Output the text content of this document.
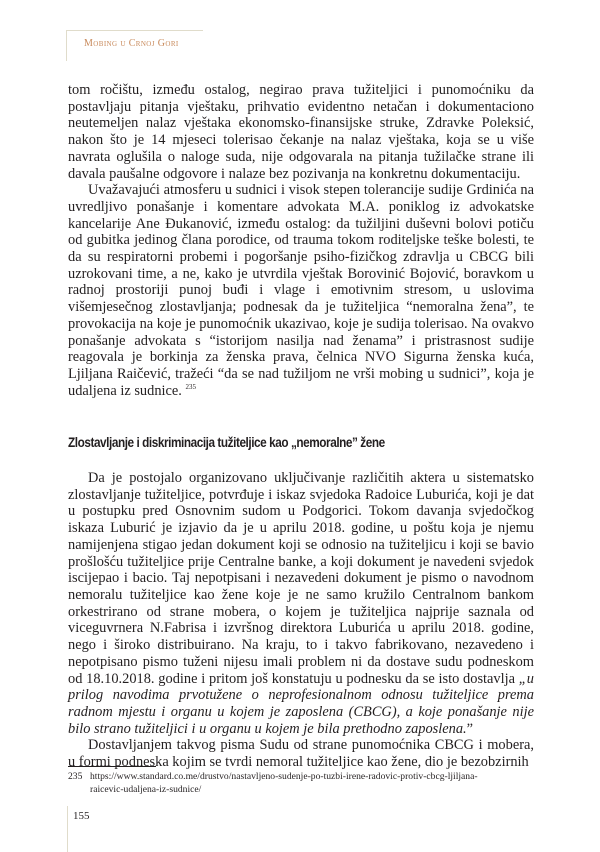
Mobing u Crnoj Gori

tom ročištu, između ostalog, negirao prava tužiteljici i punomoćniku da postavljaju pitanja vještaku, prihvatio evidentno netačan i dokumentaciono neutemeljen nalaz vještaka ekonomsko-finansijske struke, Zdravke Poleksić, nakon što je 14 mjeseci tolerisao čekanje na nalaz vještaka, koja se u više navrata oglušila o naloge suda, nije odgovarala na pitanja tužilačke strane ili davala paušalne odgovore i nalaze bez pozivanja na konkretnu dokumentaciju.

Uvažavajući atmosferu u sudnici i visok stepen tolerancije sudije Grdinića na uvredljivo ponašanje i komentare advokata M.A. poniklog iz advokatske kancelarije Ane Đukanović, između ostalog: da tužiljini duševni bolovi potiču od gubitka jedinog člana porodice, od trauma tokom roditeljske teške bolesti, te da su respiratorni probemi i pogoršanje psiho-fizičkog zdravlja u CBCG bili uzrokovani time, a ne, kako je utvrdila vještak Borovinić Bojović, boravkom u radnoj prostoriji punoj buđi i vlage i emotivnim stresom, u uslovima višemjesečnog zlostavljanja; podnesak da je tužiteljica “nemoralna žena”, te provokacija na koje je punomoćnik ukazivao, koje je sudija tolerisao. Na ovakvo ponašanje advokata s “istorijom nasilja nad ženama” i pristrasnost sudije reagovala je borkinja za ženska prava, čelnica NVO Sigurna ženska kuća, Ljiljana Raičević, tražeći “da se nad tužiljom ne vrši mobing u sudnici”, koja je udaljena iz sudnice. $^{235}$

Zlostavljanje i diskriminacija tužiteljice kao „nemoralne” žene

Da je postojalo organizovano uključivanje različitih aktera u sistematsko zlostavljanje tužiteljice, potvrđuje i iskaz svjedoka Radoice Luburića, koji je dat u postupku pred Osnovnim sudom u Podgorici. Tokom davanja svjedočkog iskaza Luburić je izjavio da je u aprilu 2018. godine, u poštu koja je njemu namijenjena stigao jedan dokument koji se odnosio na tužiteljicu i koji se bavio prošlošću tužiteljice prije Centralne banke, a koji dokument je navedeni svjedok iscijepao i bacio. Taj nepotpisani i nezavedeni dokument je pismo o navodnom nemoralu tužiteljice kao žene koje je ne samo kružilo Centralnom bankom orkestrirano od strane mobera, o kojem je tužiteljica najprije saznala od viceguvrnera N.Fabrisa i izvršnog direktora Luburića u aprilu 2018. godine, nego i široko distribuirano. Na kraju, to i takvo fabrikovano, nezavedeno i nepotpisano pismo tuženi nijesu imali problem ni da dostave sudu podneskom od 18.10.2018. godine i pritom još konstatuju u podnesku da se isto dostavlja „u prilog navodima prvotužene o neprofesionalnom odnosu tužiteljice prema radnom mjestu i organu u kojem je zaposlena (CBCG), a koje ponašanje nije bilo strano tužiteljici i u organu u kojem je bila prethodno zaposlena.”

Dostavljanjem takvog pisma Sudu od strane punomoćnika CBCG i mobera, u formi podneska kojim se tvrdi nemoral tužiteljice kao žene, dio je bezobzirnih

235 https://www.standard.co.me/drustvo/nastavljeno-sudenje-po-tuzbi-irene-radovic-protiv-cbcg-ljiljana-
raicevic-udaljena-iz-sudnice/
155
